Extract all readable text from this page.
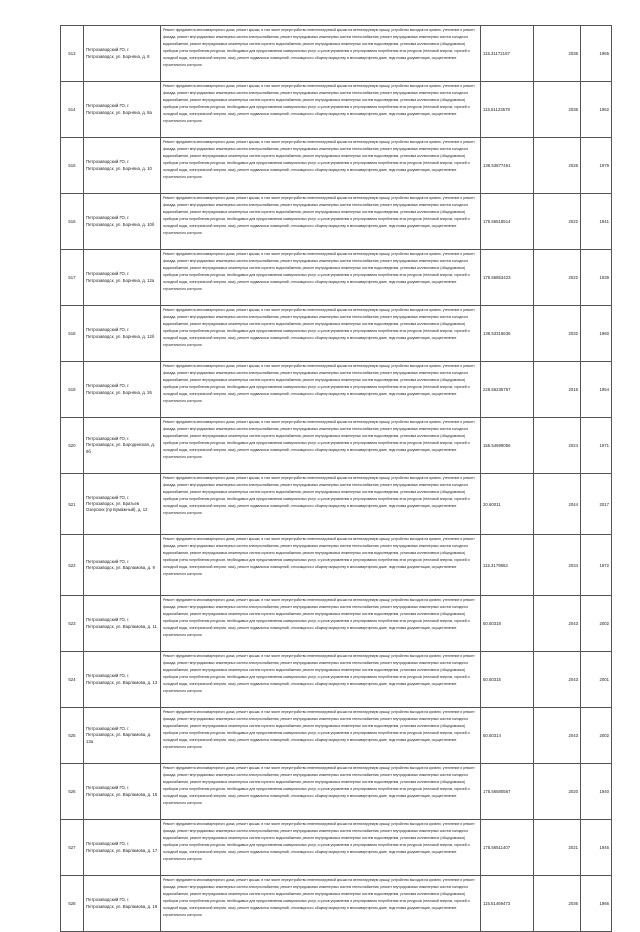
513	Петрозаводский ГО, г. Петрозаводск, ул. Борняна, д. 8	Ремонт фундамента многоквартирного дома, ремонт крыши, в том числе переустройство невентилируемой крыши на вентилируемую крышу, устройство выходов на кровлю, утепление и ремонт фасада, ремонт внутридомовых инженерных систем электроснабжения, ремонт внутридомовых инженерных систем теплоснабжения, ремонт внутридомовых инженерных систем холодного водоснабжения, ремонт внутридомовых инженерных систем горячего водоснабжения, ремонт внутридомовых инженерных систем водоотведения, установка коллективных (общедомовых) приборов учета потребления ресурсов, необходимых для предоставления коммунальных услуг, и узлов управления и регулирования потребления этих ресурсов (тепловой энергии, горячей и холодной воды, электрической энергии, газа), ремонт подвальных помещений, относящихся к общему имуществу в многоквартирном доме, подготовка документации, осуществление строительного контроля	115.31172167	2036	1965
514	Петрозаводский ГО, г. Петрозаводск, ул. Борняна, д. 8а	Ремонт фундамента многоквартирного дома, ремонт крыши, в том числе переустройство невентилируемой крыши на вентилируемую крышу, устройство выходов на кровлю, утепление и ремонт фасада, ремонт внутридомовых инженерных систем электроснабжения, ремонт внутридомовых инженерных систем теплоснабжения, ремонт внутридомовых инженерных систем холодного водоснабжения, ремонт внутридомовых инженерных систем горячего водоснабжения, ремонт внутридомовых инженерных систем водоотведения, установка коллективных (общедомовых) приборов учета потребления ресурсов, необходимых для предоставления коммунальных услуг, и узлов управления и регулирования потребления этих ресурсов (тепловой энергии, горячей и холодной воды, электрической энергии, газа), ремонт подвальных помещений, относящихся к общему имуществу в многоквартирном доме, подготовка документации, осуществление строительного контроля	115.51123578	2036	1962
515	Петрозаводский ГО, г. Петрозаводск, ул. Борняна, д. 10	Ремонт фундамента многоквартирного дома, ремонт крыши, в том числе переустройство невентилируемой крыши на вентилируемую крышу, устройство выходов на кровлю, утепление и ремонт фасада, ремонт внутридомовых инженерных систем электроснабжения, ремонт внутридомовых инженерных систем теплоснабжения, ремонт внутридомовых инженерных систем холодного водоснабжения, ремонт внутридомовых инженерных систем горячего водоснабжения, ремонт внутридомовых инженерных систем водоотведения, установка коллективных (общедомовых) приборов учета потребления ресурсов, необходимых для предоставления коммунальных услуг, и узлов управления и регулирования потребления этих ресурсов (тепловой энергии, горячей и холодной воды, электрической энергии, газа), ремонт подвальных помещений, относящихся к общему имуществу в многоквартирном доме, подготовка документации, осуществление строительного контроля	138.53877461	2026	1979
516	Петрозаводский ГО, г. Петрозаводск, ул. Борняна, д. 10б	Ремонт фундамента многоквартирного дома, ремонт крыши, в том числе переустройство невентилируемой крыши на вентилируемую крышу, устройство выходов на кровлю, утепление и ремонт фасада, ремонт внутридомовых инженерных систем электроснабжения, ремонт внутридомовых инженерных систем теплоснабжения, ремонт внутридомовых инженерных систем холодного водоснабжения, ремонт внутридомовых инженерных систем горячего водоснабжения, ремонт внутридомовых инженерных систем водоотведения, установка коллективных (общедомовых) приборов учета потребления ресурсов, необходимых для предоставления коммунальных услуг, и узлов управления и регулирования потребления этих ресурсов (тепловой энергии, горячей и холодной воды, электрической энергии, газа), ремонт подвальных помещений, относящихся к общему имуществу в многоквартирном доме, подготовка документации, осуществление строительного контроля	175.56518514	2022	1941
517	Петрозаводский ГО, г. Петрозаводск, ул. Борняна, д. 12а	Ремонт фундамента многоквартирного дома, ремонт крыши, в том числе переустройство невентилируемой крыши на вентилируемую крышу, устройство выходов на кровлю, утепление и ремонт фасада, ремонт внутридомовых инженерных систем электроснабжения, ремонт внутридомовых инженерных систем теплоснабжения, ремонт внутридомовых инженерных систем холодного водоснабжения, ремонт внутридомовых инженерных систем горячего водоснабжения, ремонт внутридомовых инженерных систем водоотведения, установка коллективных (общедомовых) приборов учета потребления ресурсов, необходимых для предоставления коммунальных услуг, и узлов управления и регулирования потребления этих ресурсов (тепловой энергии, горячей и холодной воды, электрической энергии, газа), ремонт подвальных помещений, относящихся к общему имуществу в многоквартирном доме, подготовка документации, осуществление строительного контроля	175.56853423	2022	1939
518	Петрозаводский ГО, г. Петрозаводск, ул. Борняна, д. 12б	Ремонт фундамента многоквартирного дома, ремонт крыши, в том числе переустройство невентилируемой крыши на вентилируемую крышу, устройство выходов на кровлю, утепление и ремонт фасада, ремонт внутридомовых инженерных систем электроснабжения, ремонт внутридомовых инженерных систем теплоснабжения, ремонт внутридомовых инженерных систем холодного водоснабжения, ремонт внутридомовых инженерных систем горячего водоснабжения, ремонт внутридомовых инженерных систем водоотведения, установка коллективных (общедомовых) приборов учета потребления ресурсов, необходимых для предоставления коммунальных услуг, и узлов управления и регулирования потребления этих ресурсов (тепловой энергии, горячей и холодной воды, электрической энергии, газа), ремонт подвальных помещений, относящихся к общему имуществу в многоквартирном доме, подготовка документации, осуществление строительного контроля	138.53318636	2032	1960
519	Петрозаводский ГО, г. Петрозаводск, ул. Борняна, д. 26	Ремонт фундамента многоквартирного дома, ремонт крыши, в том числе переустройство невентилируемой крыши на вентилируемую крышу, устройство выходов на кровлю, утепление и ремонт фасада, ремонт внутридомовых инженерных систем электроснабжения, ремонт внутридомовых инженерных систем теплоснабжения, ремонт внутридомовых инженерных систем холодного водоснабжения, ремонт внутридомовых инженерных систем горячего водоснабжения, ремонт внутридомовых инженерных систем водоотведения, установка коллективных (общедомовых) приборов учета потребления ресурсов, необходимых для предоставления коммунальных услуг, и узлов управления и регулирования потребления этих ресурсов (тепловой энергии, горячей и холодной воды, электрической энергии, газа), ремонт подвальных помещений, относящихся к общему имуществу в многоквартирном доме, подготовка документации, осуществление строительного контроля	228.56235757	2016	1954
520	Петрозаводский ГО, г. Петрозаводск, ул. Бородинская, д. 9б	Ремонт фундамента многоквартирного дома, ремонт крыши, в том числе переустройство невентилируемой крыши на вентилируемую крышу, устройство выходов на кровлю, утепление и ремонт фасада, ремонт внутридомовых инженерных систем электроснабжения, ремонт внутридомовых инженерных систем теплоснабжения, ремонт внутридомовых инженерных систем холодного водоснабжения, ремонт внутридомовых инженерных систем горячего водоснабжения, ремонт внутридомовых инженерных систем водоотведения, установка коллективных (общедомовых) приборов учета потребления ресурсов, необходимых для предоставления коммунальных услуг, и узлов управления и регулирования потребления этих ресурсов (тепловой энергии, горячей и холодной воды, электрической энергии, газа), ремонт подвальных помещений, относящихся к общему имуществу в многоквартирном доме, подготовка документации, осуществление строительного контроля	155.54699056	2024	1971
521	Петрозаводский ГО, г. Петрозаводск, ул. Братьев Озерских (пр Бумажный), д. 12	Ремонт фундамента многоквартирного дома, ремонт крыши, в том числе переустройство невентилируемой крыши на вентилируемую крышу, устройство выходов на кровлю, утепление и ремонт фасада, ремонт внутридомовых инженерных систем электроснабжения, ремонт внутридомовых инженерных систем теплоснабжения, ремонт внутридомовых инженерных систем холодного водоснабжения, ремонт внутридомовых инженерных систем горячего водоснабжения, ремонт внутридомовых инженерных систем водоотведения, установка коллективных (общедомовых) приборов учета потребления ресурсов, необходимых для предоставления коммунальных услуг, и узлов управления и регулирования потребления этих ресурсов (тепловой энергии, горячей и холодной воды, электрической энергии, газа), ремонт подвальных помещений, относящихся к общему имуществу в многоквартирном доме, подготовка документации, осуществление строительного контроля	20.60011	2044	2017
522	Петрозаводский ГО, г. Петрозаводск, ул. Варламова, д. 9	Ремонт фундамента многоквартирного дома, ремонт крыши, в том числе переустройство невентилируемой крыши на вентилируемую крышу, устройство выходов на кровлю, утепление и ремонт фасада, ремонт внутридомовых инженерных систем электроснабжения, ремонт внутридомовых инженерных систем теплоснабжения, ремонт внутридомовых инженерных систем холодного водоснабжения, ремонт внутридомовых инженерных систем горячего водоснабжения, ремонт внутридомовых инженерных систем водоотведения, установка коллективных (общедомовых) приборов учета потребления ресурсов, необходимых для предоставления коммунальных услуг, и узлов управления и регулирования потребления этих ресурсов (тепловой энергии, горячей и холодной воды, электрической энергии, газа), ремонт подвальных помещений, относящихся к общему имуществу в многоквартирном доме, подготовка документации, осуществление строительного контроля	115.3179863	2034	1972
523	Петрозаводский ГО, г. Петрозаводск, ул. Варламова, д. 11	Ремонт фундамента многоквартирного дома, ремонт крыши, в том числе переустройство невентилируемой крыши на вентилируемую крышу, устройство выходов на кровлю, утепление и ремонт фасада, ремонт внутридомовых инженерных систем электроснабжения, ремонт внутридомовых инженерных систем теплоснабжения, ремонт внутридомовых инженерных систем холодного водоснабжения, ремонт внутридомовых инженерных систем горячего водоснабжения, ремонт внутридомовых инженерных систем водоотведения, установка коллективных (общедомовых) приборов учета потребления ресурсов, необходимых для предоставления коммунальных услуг, и узлов управления и регулирования потребления этих ресурсов (тепловой энергии, горячей и холодной воды, электрической энергии, газа), ремонт подвальных помещений, относящихся к общему имуществу в многоквартирном доме, подготовка документации, осуществление строительного контроля	50.50318	2043	2002
524	Петрозаводский ГО, г. Петрозаводск, ул. Варламова, д. 13	Ремонт фундамента многоквартирного дома, ремонт крыши, в том числе переустройство невентилируемой крыши на вентилируемую крышу, устройство выходов на кровлю, утепление и ремонт фасада, ремонт внутридомовых инженерных систем электроснабжения, ремонт внутридомовых инженерных систем теплоснабжения, ремонт внутридомовых инженерных систем холодного водоснабжения, ремонт внутридомовых инженерных систем горячего водоснабжения, ремонт внутридомовых инженерных систем водоотведения, установка коллективных (общедомовых) приборов учета потребления ресурсов, необходимых для предоставления коммунальных услуг, и узлов управления и регулирования потребления этих ресурсов (тепловой энергии, горячей и холодной воды, электрической энергии, газа), ремонт подвальных помещений, относящихся к общему имуществу в многоквартирном доме, подготовка документации, осуществление строительного контроля	50.50315	2043	2001
525	Петрозаводский ГО, г. Петрозаводск, ул. Варламова, д. 13а	Ремонт фундамента многоквартирного дома, ремонт крыши, в том числе переустройство невентилируемой крыши на вентилируемую крышу, устройство выходов на кровлю, утепление и ремонт фасада, ремонт внутридомовых инженерных систем электроснабжения, ремонт внутридомовых инженерных систем теплоснабжения, ремонт внутридомовых инженерных систем холодного водоснабжения, ремонт внутридомовых инженерных систем горячего водоснабжения, ремонт внутридомовых инженерных систем водоотведения, установка коллективных (общедомовых) приборов учета потребления ресурсов, необходимых для предоставления коммунальных услуг, и узлов управления и регулирования потребления этих ресурсов (тепловой энергии, горячей и холодной воды, электрической энергии, газа), ремонт подвальных помещений, относящихся к общему имуществу в многоквартирном доме, подготовка документации, осуществление строительного контроля	50.50314	2043	2002
526	Петрозаводский ГО, г. Петрозаводск, ул. Варламова, д. 15	Ремонт фундамента многоквартирного дома, ремонт крыши, в том числе переустройство невентилируемой крыши на вентилируемую крышу, устройство выходов на кровлю, утепление и ремонт фасада, ремонт внутридомовых инженерных систем электроснабжения, ремонт внутридомовых инженерных систем теплоснабжения, ремонт внутридомовых инженерных систем холодного водоснабжения, ремонт внутридомовых инженерных систем горячего водоснабжения, ремонт внутридомовых инженерных систем водоотведения, установка коллективных (общедомовых) приборов учета потребления ресурсов, необходимых для предоставления коммунальных услуг, и узлов управления и регулирования потребления этих ресурсов (тепловой энергии, горячей и холодной воды, электрической энергии, газа), ремонт подвальных помещений, относящихся к общему имуществу в многоквартирном доме, подготовка документации, осуществление строительного контроля	175.56580567	2020	1940
527	Петрозаводский ГО, г. Петрозаводск, ул. Варламова, д. 17	Ремонт фундамента многоквартирного дома, ремонт крыши, в том числе переустройство невентилируемой крыши на вентилируемую крышу, устройство выходов на кровлю, утепление и ремонт фасада, ремонт внутридомовых инженерных систем электроснабжения, ремонт внутридомовых инженерных систем теплоснабжения, ремонт внутридомовых инженерных систем холодного водоснабжения, ремонт внутридомовых инженерных систем горячего водоснабжения, ремонт внутридомовых инженерных систем водоотведения, установка коллективных (общедомовых) приборов учета потребления ресурсов, необходимых для предоставления коммунальных услуг, и узлов управления и регулирования потребления этих ресурсов (тепловой энергии, горячей и холодной воды, электрической энергии, газа), ремонт подвальных помещений, относящихся к общему имуществу в многоквартирном доме, подготовка документации, осуществление строительного контроля	175.56511407	2021	1946
528	Петрозаводский ГО, г. Петрозаводск, ул. Варламова, д. 19	Ремонт фундамента многоквартирного дома, ремонт крыши, в том числе переустройство невентилируемой крыши на вентилируемую крышу, устройство выходов на кровлю, утепление и ремонт фасада, ремонт внутридомовых инженерных систем электроснабжения, ремонт внутридомовых инженерных систем теплоснабжения, ремонт внутридомовых инженерных систем холодного водоснабжения, ремонт внутридомовых инженерных систем горячего водоснабжения, ремонт внутридомовых инженерных систем водоотведения, установка коллективных (общедомовых) приборов учета потребления ресурсов, необходимых для предоставления коммунальных услуг, и узлов управления и регулирования потребления этих ресурсов (тепловой энергии, горячей и холодной воды, электрической энергии, газа), ремонт подвальных помещений, относящихся к общему имуществу в многоквартирном доме, подготовка документации, осуществление строительного контроля	115.51469473	2036	1966
